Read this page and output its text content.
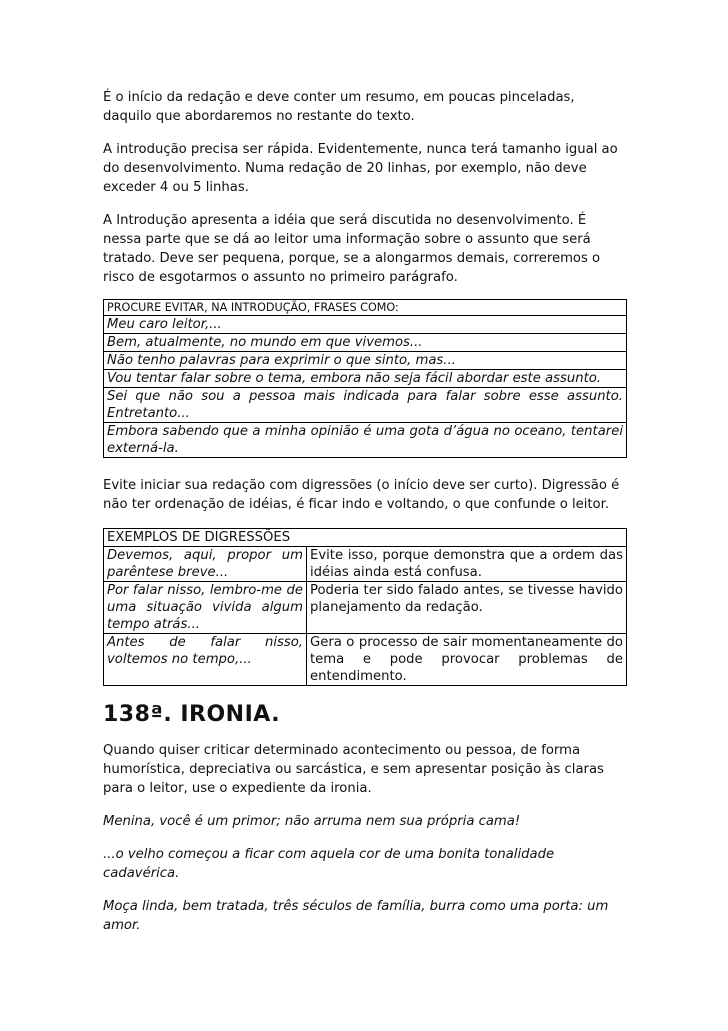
É o início da redação e deve conter um resumo, em poucas pinceladas, daquilo que abordaremos no restante do texto.

A introdução precisa ser rápida. Evidentemente, nunca terá tamanho igual ao do desenvolvimento. Numa redação de 20 linhas, por exemplo, não deve exceder 4 ou 5 linhas.

A Introdução apresenta a idéia que será discutida no desenvolvimento. É nessa parte que se dá ao leitor uma informação sobre o assunto que será tratado. Deve ser pequena, porque, se a alongarmos demais, correremos o risco de esgotarmos o assunto no primeiro parágrafo.

PROCURE EVITAR, NA INTRODUÇÃO, FRASES COMO:
Meu caro leitor,...
Bem, atualmente, no mundo em que vivemos...
Não tenho palavras para exprimir o que sinto, mas...
Vou tentar falar sobre o tema, embora não seja fácil abordar este assunto.
Sei que não sou a pessoa mais indicada para falar sobre esse assunto. Entretanto...
Embora sabendo que a minha opinião é uma gota d’água no oceano, tentarei externá-la.

Evite iniciar sua redação com digressões (o início deve ser curto). Digressão é não ter ordenação de idéias, é ficar indo e voltando, o que confunde o leitor.

EXEMPLOS DE DIGRESSÕES	
Devemos, aqui, propor um parêntese breve...	Evite isso, porque demonstra que a ordem das idéias ainda está confusa.
Por falar nisso, lembro-me de uma situação vivida algum tempo atrás...	Poderia ter sido falado antes, se tivesse havido planejamento da redação.
Antes de falar nisso, voltemos no tempo,...	Gera o processo de sair momentaneamente do tema e pode provocar problemas de entendimento.
138ª. IRONIA.

Quando quiser criticar determinado acontecimento ou pessoa, de forma humorística, depreciativa ou sarcástica, e sem apresentar posição às claras para o leitor, use o expediente da ironia.

Menina, você é um primor; não arruma nem sua própria cama!

...o velho começou a ficar com aquela cor de uma bonita tonalidade cadavérica.

Moça linda, bem tratada, três séculos de família, burra como uma porta: um amor.
